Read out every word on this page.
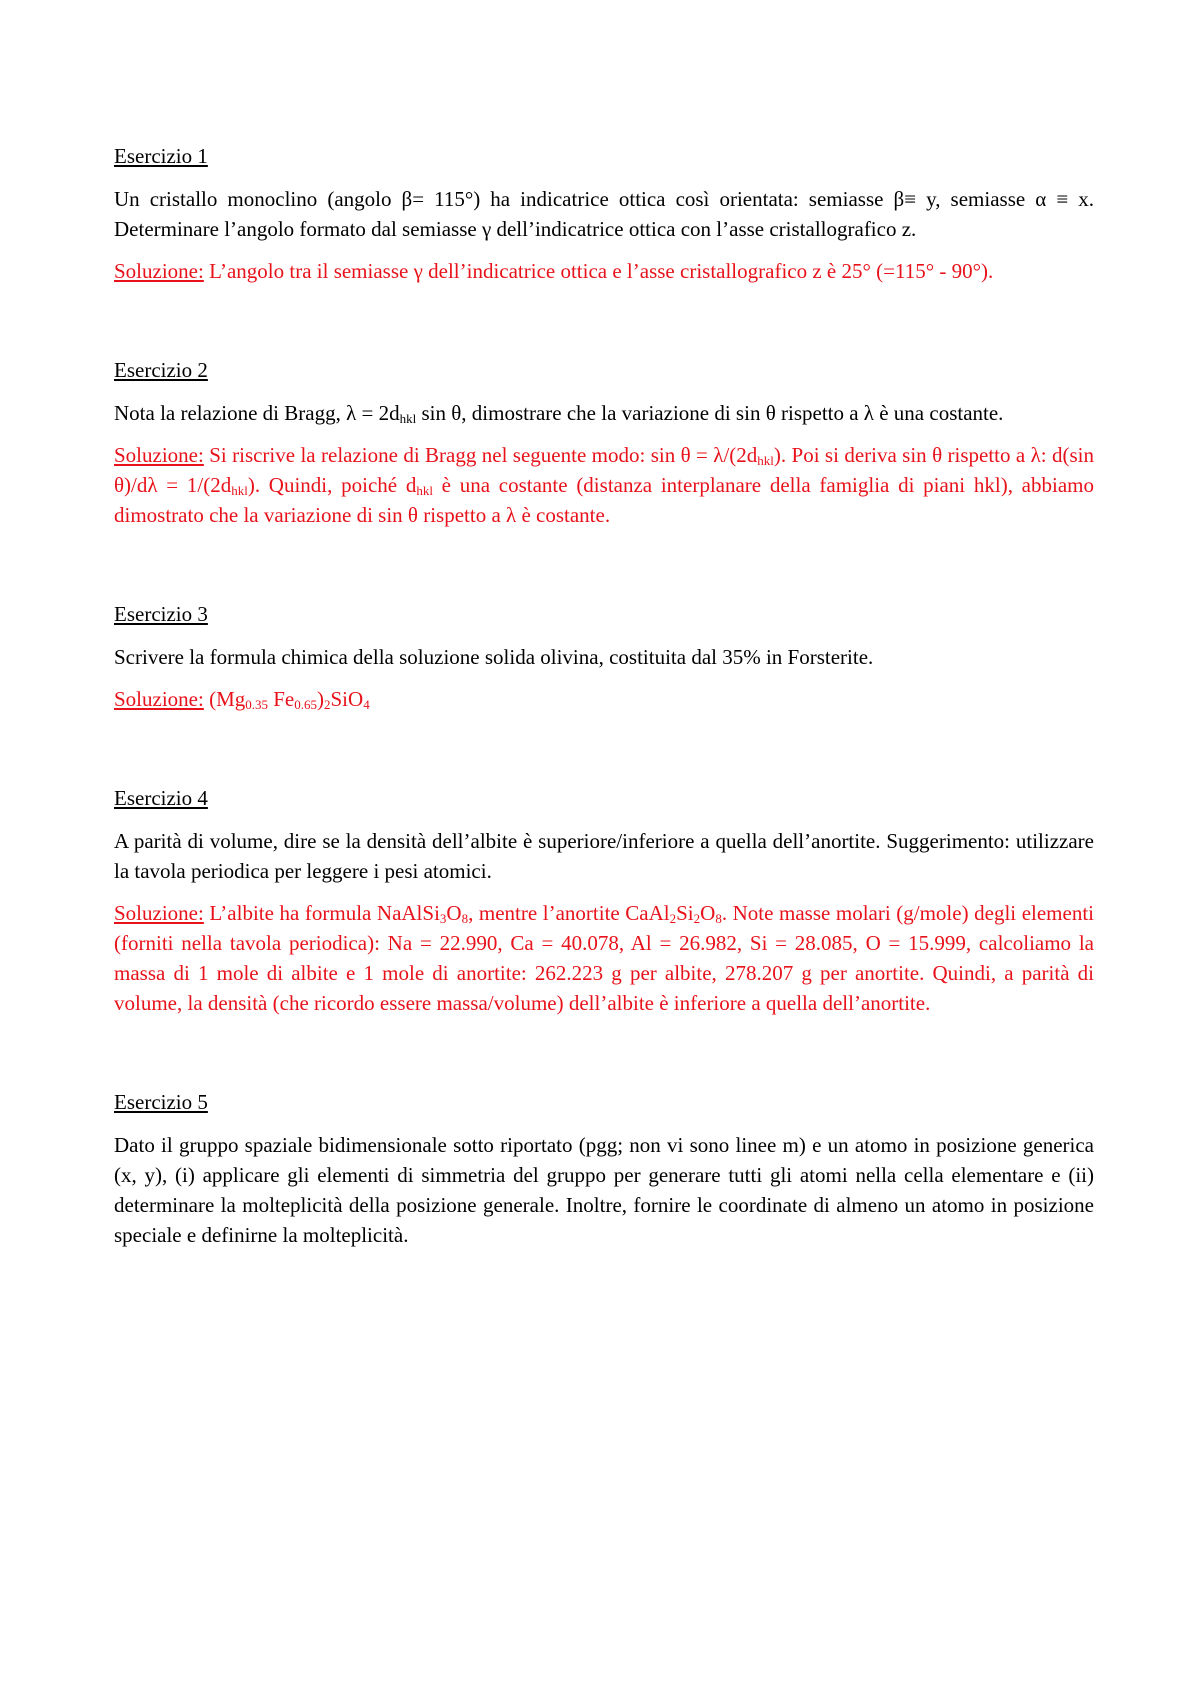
Esercizio 1

Un cristallo monoclino (angolo β= 115°) ha indicatrice ottica così orientata: semiasse β≡ y, semiasse α ≡ x. Determinare l’angolo formato dal semiasse γ dell’indicatrice ottica con l’asse cristallografico z.

Soluzione: L’angolo tra il semiasse γ dell’indicatrice ottica e l’asse cristallografico z è 25° (=115° - 90°).

Esercizio 2

Nota la relazione di Bragg, $\lambda = 2d_{hkl}$ sin θ, dimostrare che la variazione di sin θ rispetto a λ è una costante.

Soluzione: Si riscrive la relazione di Bragg nel seguente modo: $\sin \theta = \lambda/(2d_{hkl})$. Poi si deriva sin θ rispetto a λ: d(sin $\theta)/d\lambda = 1/(2d_{hkl})$. Quindi, poiché $d_{hkl}$ è una costante (distanza interplanare della famiglia di piani hkl), abbiamo dimostrato che la variazione di sin θ rispetto a λ è costante.

Esercizio 3

Scrivere la formula chimica della soluzione solida olivina, costituita dal 35% in Forsterite.

Soluzione: ($Mg_{0.35}$ $Fe_{0.65})_2SiO_4$

Esercizio 4

A parità di volume, dire se la densità dell’albite è superiore/inferiore a quella dell’anortite. Suggerimento: utilizzare la tavola periodica per leggere i pesi atomici.

Soluzione: L’albite ha formula $NaAlSi_3O_8$, mentre l’anortite $CaAl_2Si_2O_8$. Note masse molari (g/mole) degli elementi (forniti nella tavola periodica): Na = 22.990, Ca = 40.078, Al = 26.982, Si = 28.085, O = 15.999, calcoliamo la massa di 1 mole di albite e 1 mole di anortite: 262.223 g per albite, 278.207 g per anortite. Quindi, a parità di volume, la densità (che ricordo essere massa/volume) dell’albite è inferiore a quella dell’anortite.

Esercizio 5

Dato il gruppo spaziale bidimensionale sotto riportato (pgg; non vi sono linee m) e un atomo in posizione generica (x, y), (i) applicare gli elementi di simmetria del gruppo per generare tutti gli atomi nella cella elementare e (ii) determinare la molteplicità della posizione generale. Inoltre, fornire le coordinate di almeno un atomo in posizione speciale e definirne la molteplicità.
